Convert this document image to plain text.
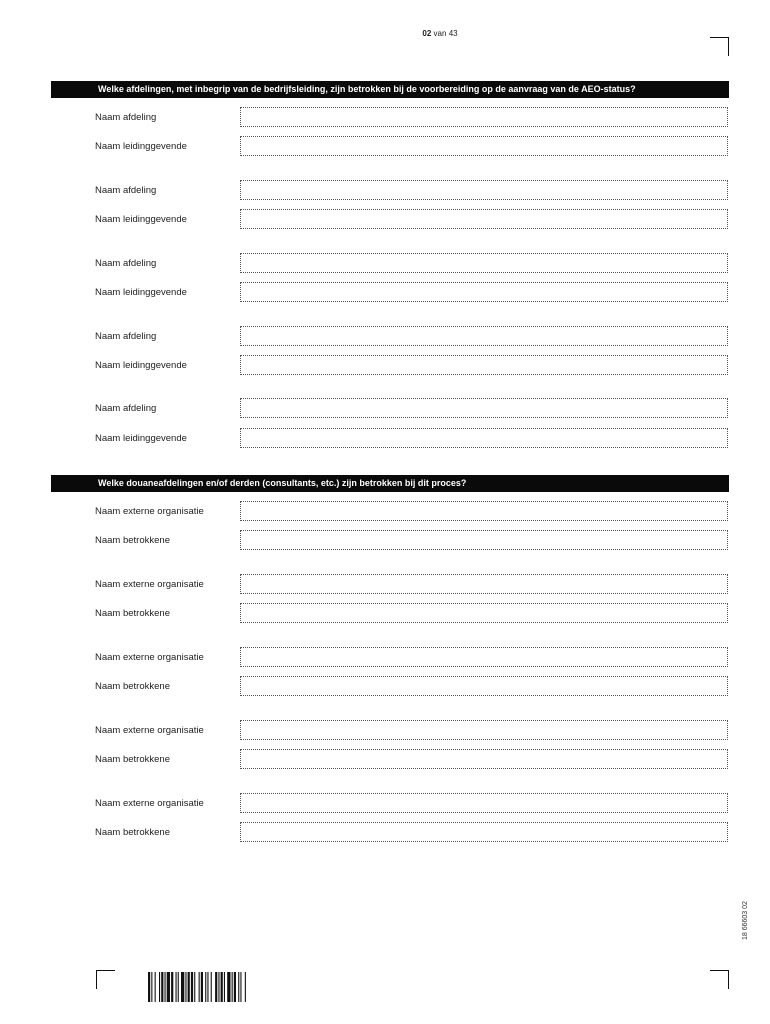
02 van 43
Welke afdelingen, met inbegrip van de bedrijfsleiding, zijn betrokken bij de voorbereiding op de aanvraag van de AEO-status?
Naam afdeling
Naam leidinggevende
Naam afdeling
Naam leidinggevende
Naam afdeling
Naam leidinggevende
Naam afdeling
Naam leidinggevende
Naam afdeling
Naam leidinggevende
Welke douaneafdelingen en/of derden (consultants, etc.) zijn betrokken bij dit proces?
Naam externe organisatie
Naam betrokkene
Naam externe organisatie
Naam betrokkene
Naam externe organisatie
Naam betrokkene
Naam externe organisatie
Naam betrokkene
Naam externe organisatie
Naam betrokkene
18 66603 02
